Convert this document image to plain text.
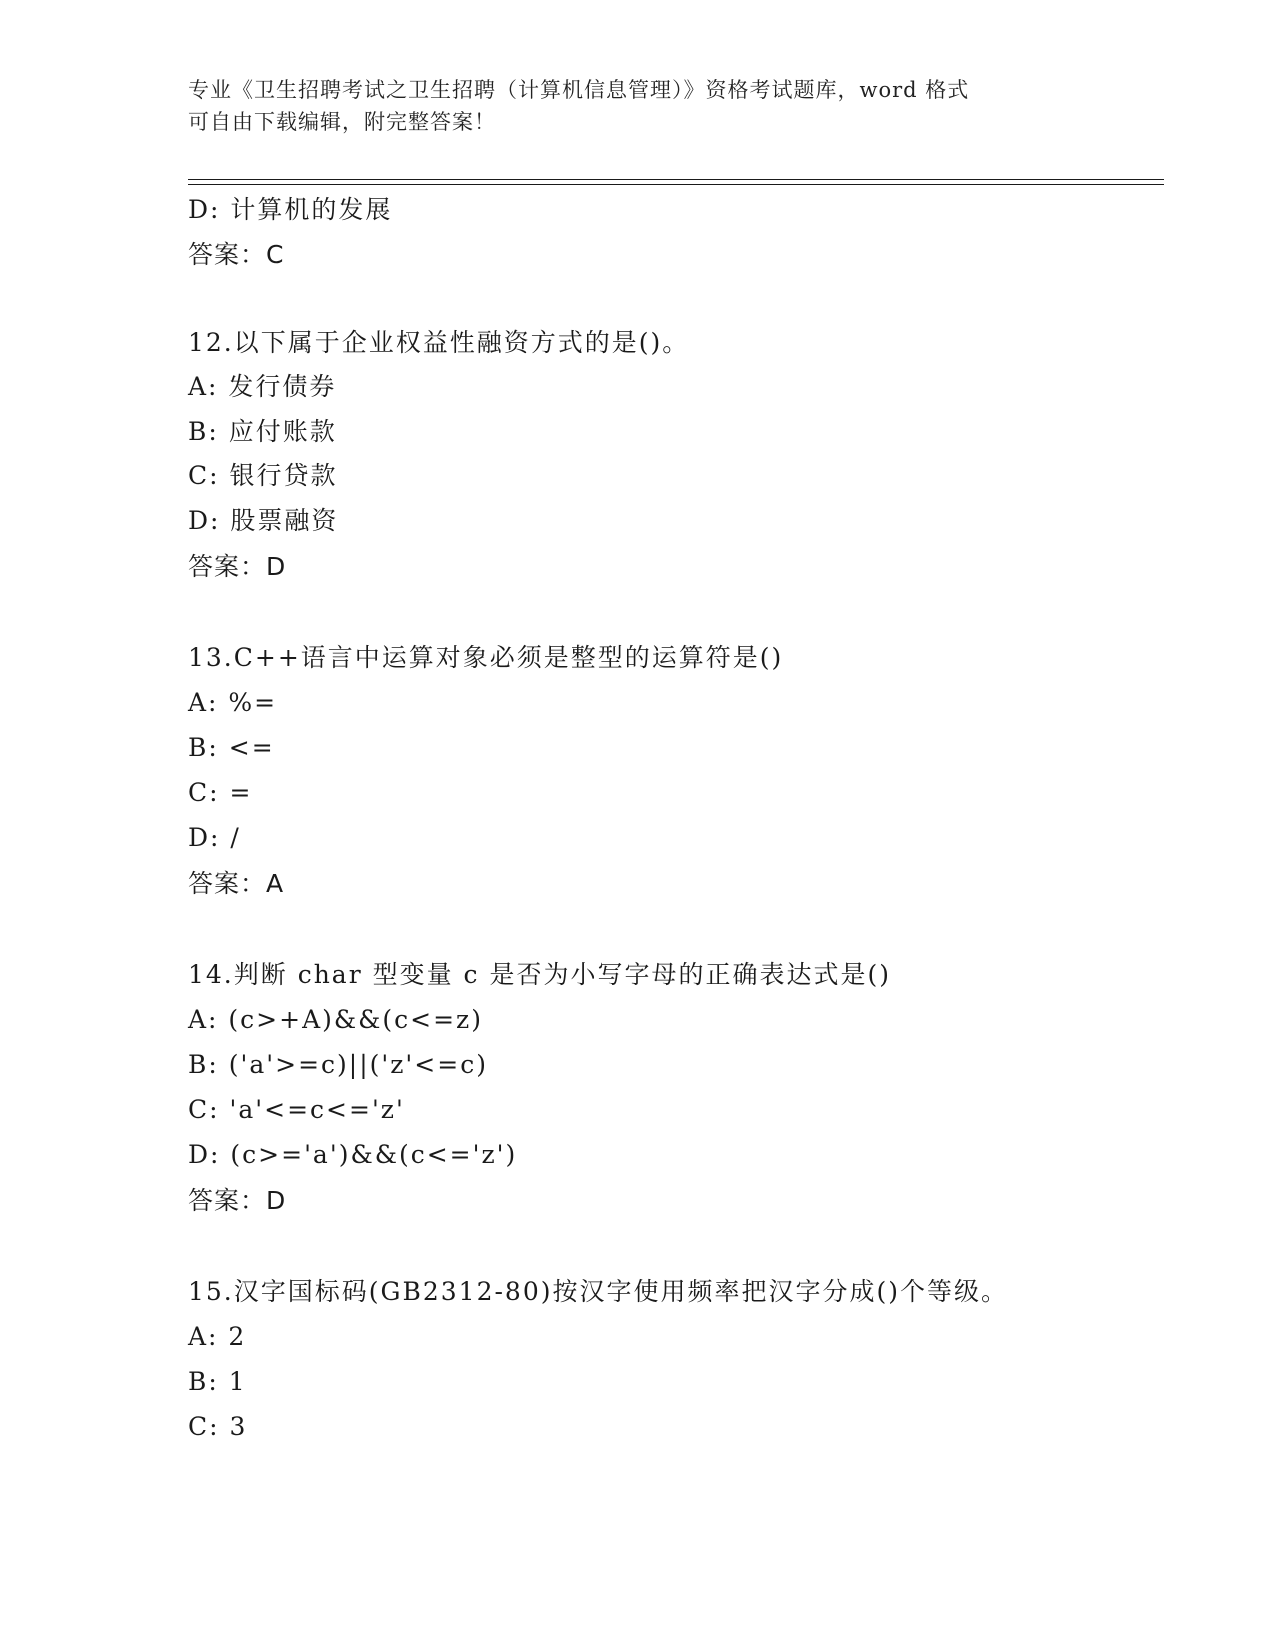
专业《卫生招聘考试之卫生招聘（计算机信息管理）》资格考试题库，word 格式
可自由下载编辑，附完整答案！
D: 计算机的发展
答案：C
12.以下属于企业权益性融资方式的是()。
A: 发行债券
B: 应付账款
C: 银行贷款
D: 股票融资
答案：D
13.C++语言中运算对象必须是整型的运算符是()
A: %=
B: <=
C: =
D: /
答案：A
14.判断 char 型变量 c 是否为小写字母的正确表达式是()
A: (c>+A)&&(c<=z)
B: ('a'>=c)||('z'<=c)
C: 'a'<=c<='z'
D: (c>='a')&&(c<='z')
答案：D
15.汉字国标码(GB2312-80)按汉字使用频率把汉字分成()个等级。
A: 2
B: 1
C: 3
